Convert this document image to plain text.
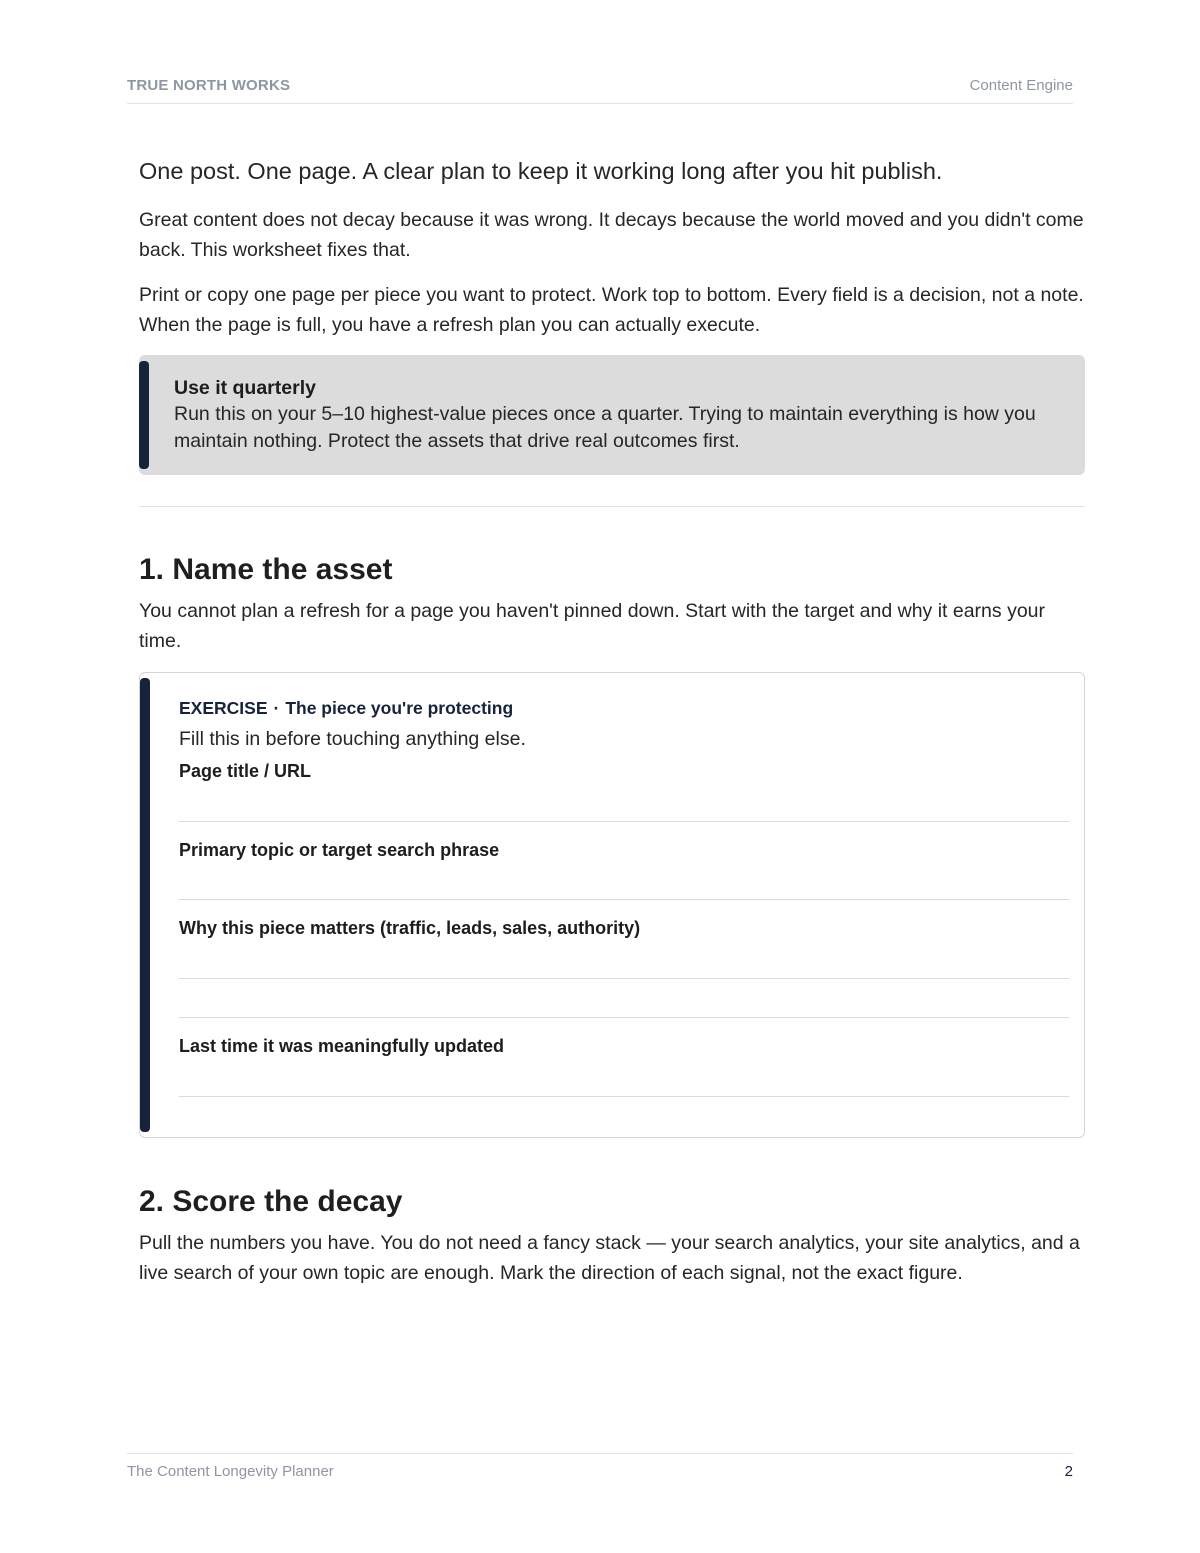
TRUE NORTH WORKS	Content Engine

One post. One page. A clear plan to keep it working long after you hit publish.

Great content does not decay because it was wrong. It decays because the world moved and you didn't come back. This worksheet fixes that.

Print or copy one page per piece you want to protect. Work top to bottom. Every field is a decision, not a note. When the page is full, you have a refresh plan you can actually execute.

Use it quarterly
Run this on your 5–10 highest-value pieces once a quarter. Trying to maintain everything is how you maintain nothing. Protect the assets that drive real outcomes first.
1. Name the asset

You cannot plan a refresh for a page you haven't pinned down. Start with the target and why it earns your time.

EXERCISE · The piece you're protecting
Fill this in before touching anything else.
Page title / URL
Primary topic or target search phrase
Why this piece matters (traffic, leads, sales, authority)
Last time it was meaningfully updated
2. Score the decay

Pull the numbers you have. You do not need a fancy stack — your search analytics, your site analytics, and a live search of your own topic are enough. Mark the direction of each signal, not the exact figure.

The Content Longevity Planner	2
